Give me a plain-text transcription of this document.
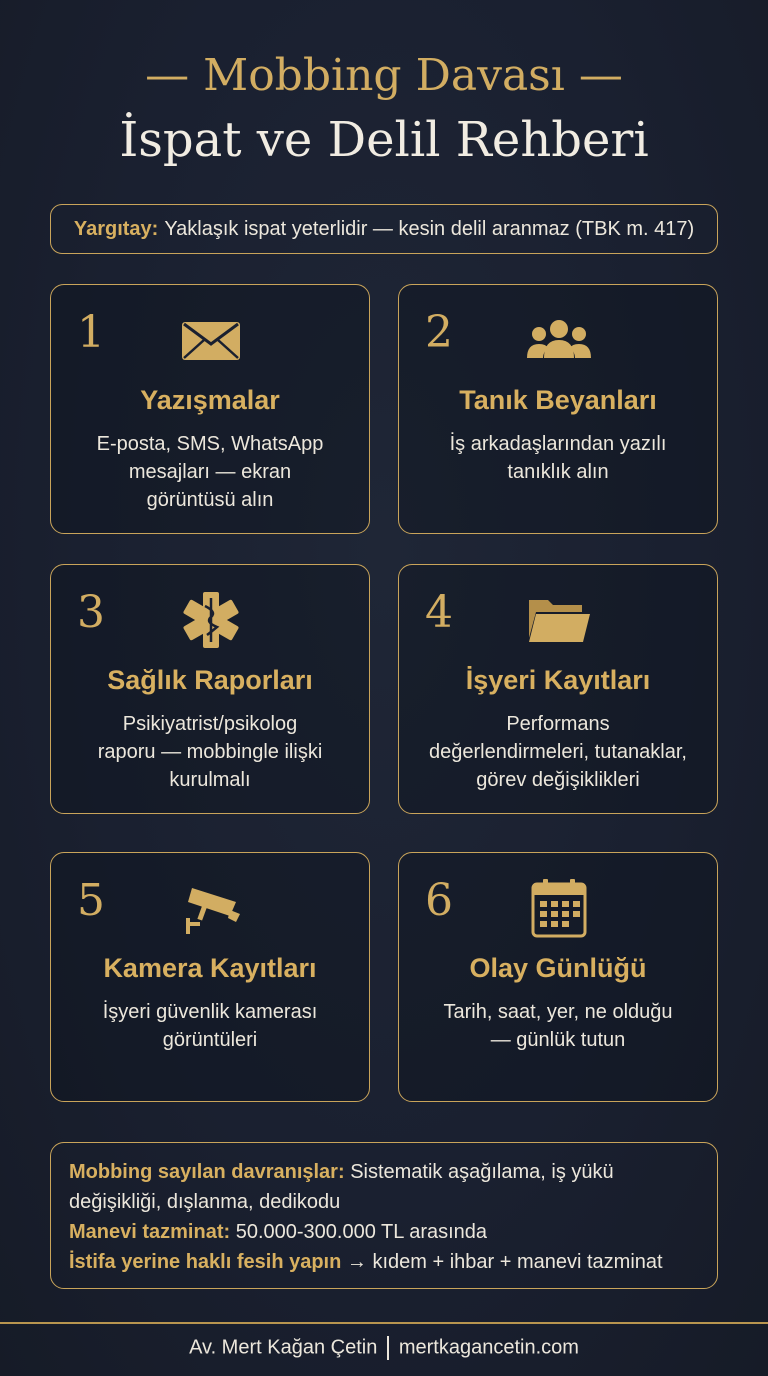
— Mobbing Davası —
İspat ve Delil Rehberi
Yargıtay: Yaklaşık ispat yeterlidir — kesin delil aranmaz (TBK m. 417)
1
Yazışmalar
E-posta, SMS, WhatsApp
mesajları — ekran
görüntüsü alın
2
Tanık Beyanları
İş arkadaşlarından yazılı
tanıklık alın
3
Sağlık Raporları
Psikiyatrist/psikolog
raporu — mobbingle ilişki
kurulmalı
4
İşyeri Kayıtları
Performans
değerlendirmeleri, tutanaklar,
görev değişiklikleri
5
Kamera Kayıtları
İşyeri güvenlik kamerası
görüntüleri
6
Olay Günlüğü
Tarih, saat, yer, ne olduğu
— günlük tutun
Mobbing sayılan davranışlar: Sistematik aşağılama, iş yükü
değişikliği, dışlanma, dedikodu
Manevi tazminat: 50.000-300.000 TL arasında
İstifa yerine haklı fesih yapın → kıdem + ihbar + manevi tazminat
Av. Mert Kağan Çetin mertkagancetin.com
